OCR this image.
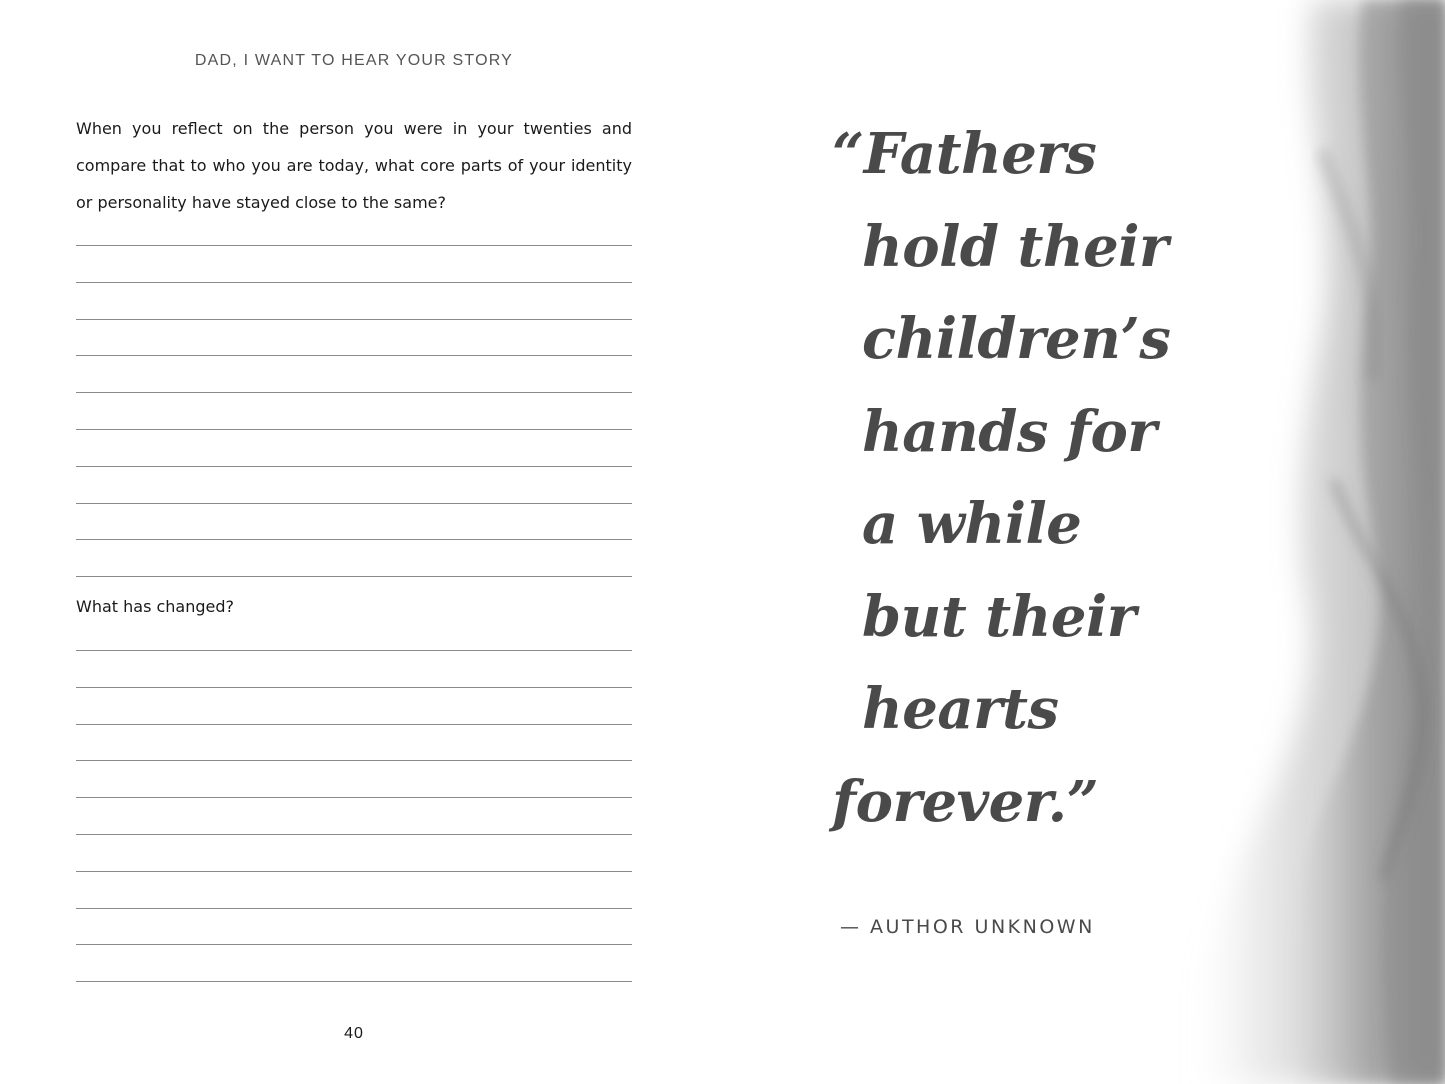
DAD, I WANT TO HEAR YOUR STORY
When you reflect on the person you were in your twenties and compare that to who you are today, what core parts of your identity or personality have stayed close to the same?
What has changed?
40
“Fathers
hold their
children’s
hands for
a while
but their
hearts
forever.”
— AUTHOR UNKNOWN
